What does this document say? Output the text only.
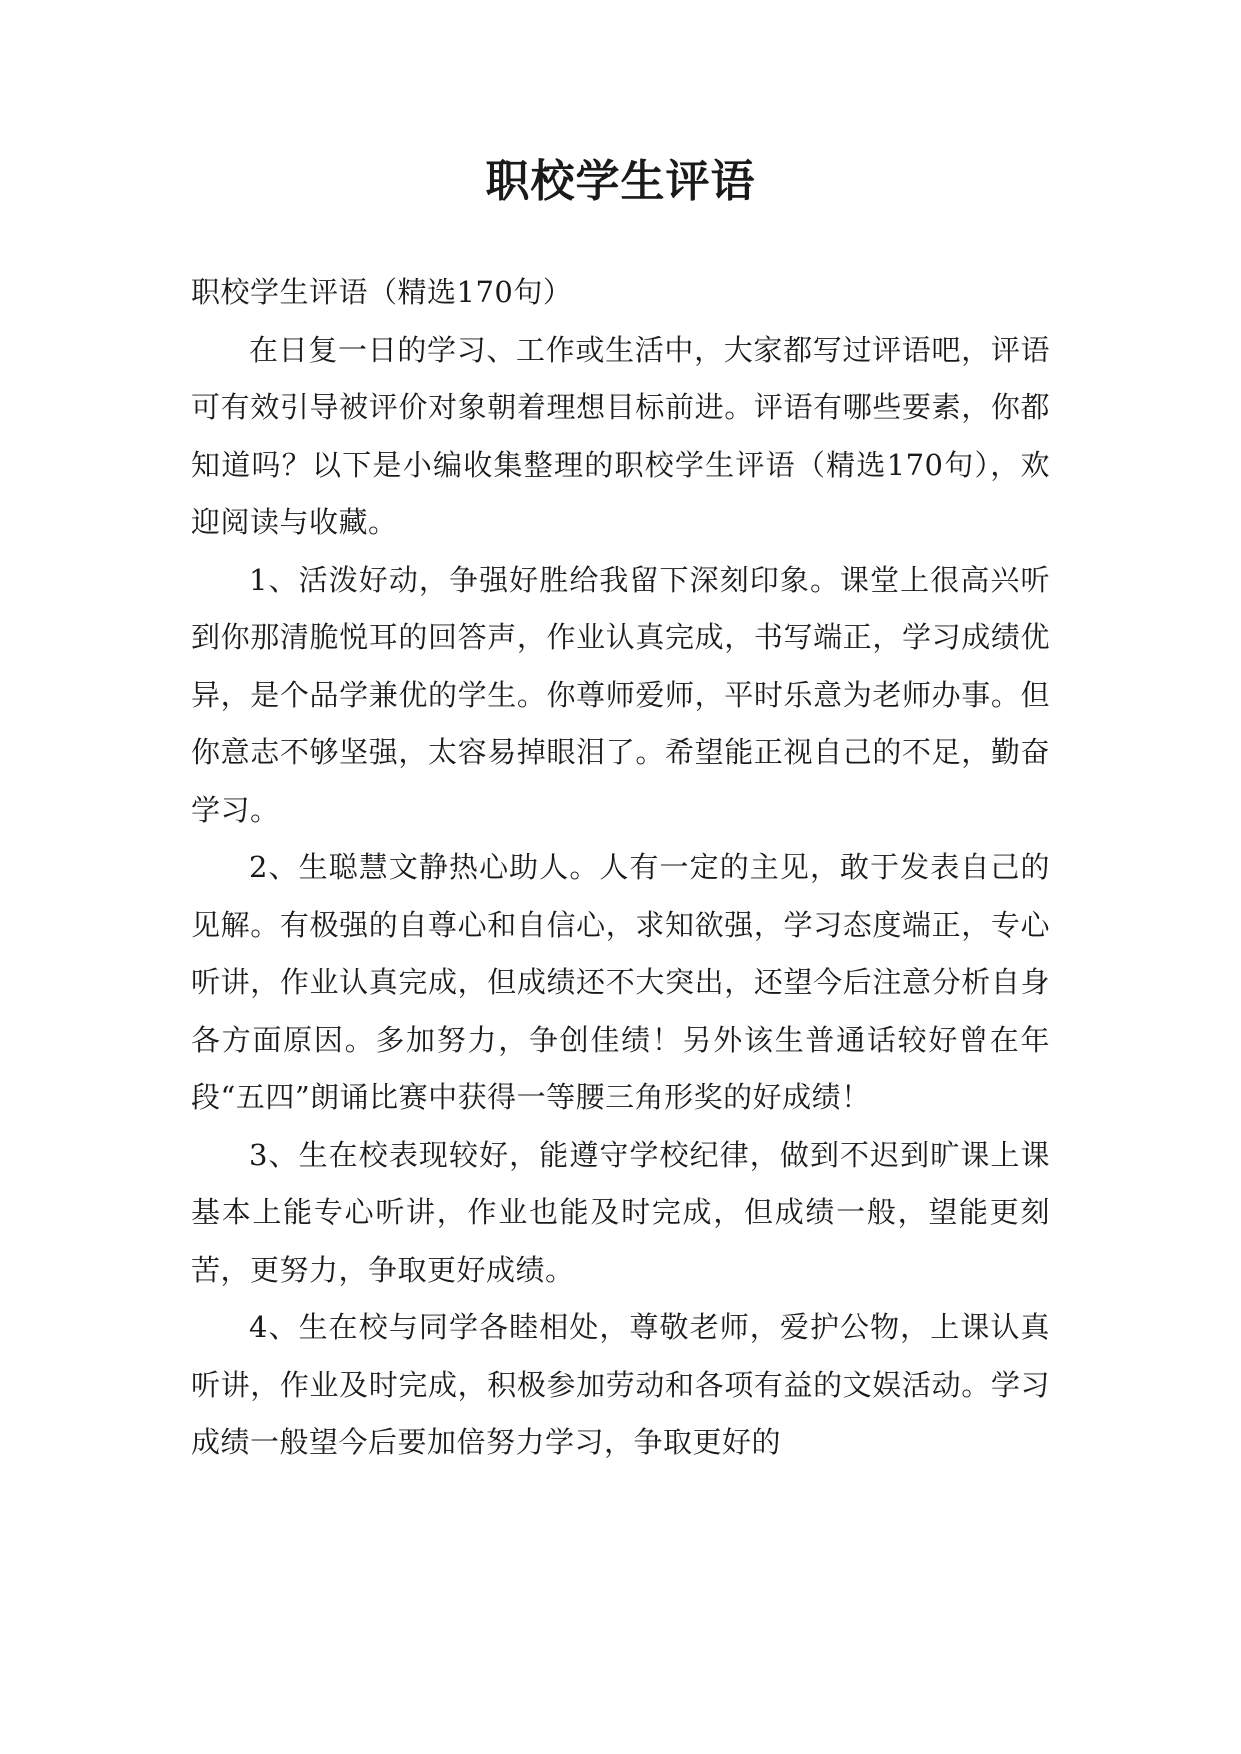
职校学生评语

职校学生评语（精选170句）

在日复一日的学习、工作或生活中，大家都写过评语吧，评语可有效引导被评价对象朝着理想目标前进。评语有哪些要素，你都知道吗？以下是小编收集整理的职校学生评语（精选170句），欢迎阅读与收藏。

1、活泼好动，争强好胜给我留下深刻印象。课堂上很高兴听到你那清脆悦耳的回答声，作业认真完成，书写端正，学习成绩优异，是个品学兼优的学生。你尊师爱师，平时乐意为老师办事。但你意志不够坚强，太容易掉眼泪了。希望能正视自己的不足，勤奋学习。

2、生聪慧文静热心助人。人有一定的主见，敢于发表自己的见解。有极强的自尊心和自信心，求知欲强，学习态度端正，专心听讲，作业认真完成，但成绩还不大突出，还望今后注意分析自身各方面原因。多加努力，争创佳绩！另外该生普通话较好曾在年段“五四”朗诵比赛中获得一等腰三角形奖的好成绩！

3、生在校表现较好，能遵守学校纪律，做到不迟到旷课上课基本上能专心听讲，作业也能及时完成，但成绩一般，望能更刻苦，更努力，争取更好成绩。

4、生在校与同学各睦相处，尊敬老师，爱护公物，上课认真听讲，作业及时完成，积极参加劳动和各项有益的文娱活动。学习成绩一般望今后要加倍努力学习，争取更好的
